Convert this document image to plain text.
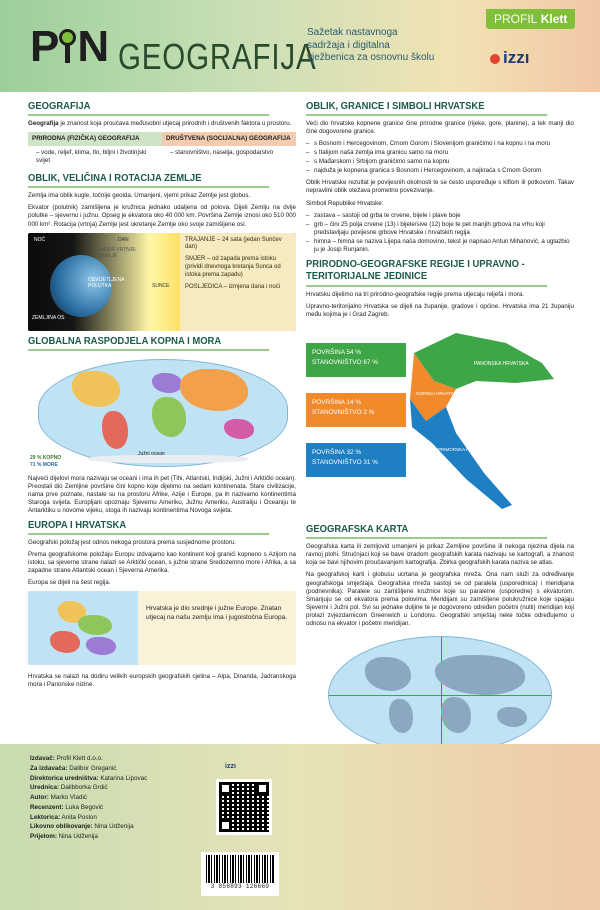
P N GEOGRAFIJA
Sažetak nastavnoga sadržaja i digitalna vježbenica za osnovnu školu
PROFIL Klett
izzı
GEOGRAFIJA

Geografija je znanost koja proučava međusobni utjecaj prirodnih i društvenih faktora u prostoru.

PRIRODNA (FIZIČKA) GEOGRAFIJA
– vode, reljef, klima, tlo, biljni i životinjski svijet
DRUŠTVENA (SOCIJALNA) GEOGRAFIJA
– stanovništvo, naselja, gospodarstvo
OBLIK, VELIČINA I ROTACIJA ZEMLJE

Zemlja ima oblik kugle, točnije geoida. Umanjeni, vjerni prikaz Zemlje jest globus.

Ekvator (polutnik) zamišljena je kružnica jednako udaljena od polova. Dijeli Zemlju na dvije polutke – sjevernu i južnu. Opseg je ekvatora oko 40 000 km. Površina Zemlje iznosi oko 510 000 000 km². Rotacija (vrtnja) Zemlje jest okretanje Zemlje oko svoje zamišljene osi.

NOĆ	DAN
OSVIJETLJENA POLUTKA	SUNCE
ZEMLJINA OS
SMJER VRTNJE ZEMLJE
TRAJANJE – 24 sata (jedan Sunčev dan)
SMJER – od zapada prema istoku (prividi dnevnoga kretanja Sunca od istoka prema zapadu)
POSLJEDICA – izmjena dana i noći
GLOBALNA RASPODJELA KOPNA I MORA
Južni ocean
29 % KOPNO
71 % MORE

Najveći dijelovi mora nazivaju se oceani i ima ih pet (Tihi, Atlantski, Indijski, Južni i Arktički ocean). Preostali dio Zemljine površine čini kopno koje dijelimo na sedam kontinenata. Stare civilizacije, nama prve poznate, nastale su na prostoru Afrike, Azije i Europe, pa ih nazivamo kontinentima Staroga svijeta. Europljani upoznaju Sjevernu Ameriku, Južnu Ameriku, Australiju i Oceaniju te Antarktiku u novome vijeku, stoga ih nazivaju kontinentima Novoga svijeta.

EUROPA I HRVATSKA

Geografski položaj jest odnos nekoga prostora prema susjednome prostoru.

Prema geografskome položaju Europu izdvajamo kao kontinent koji granići kopneno s Azijom na istoku, sa sjeverne strane nalazi se Arktički ocean, s južne strane Sredozemno more i Afrika, a sa zapadne strane Atlantski ocean i Sjeverna Amerika.

Europa se dijeli na šest regija.

Hrvatska je dio srednje i južne Europe. Znatan utjecaj na našu zemlju ima i jugoistočna Europa.

Hrvatska se nalazi na dodiru velikih europskih geografskih cjelina – Alpa, Dinarida, Jadranskoga mora i Panonske nizine.

OBLIK, GRANICE I SIMBOLI HRVATSKE

Veći dio hrvatske kopnene granice čine prirodne granice (rijeke, gore, planine), a tek manji dio čine dogovorene granice.

– s Bosnom i Hercegovinom, Crnom Gorom i Slovenijom graničimo i na kopnu i na moru
– s Italijom naša zemlja ima granicu samo na moru
– s Mađarskom i Srbijom graničimo samo na kopnu
– najduža je kopnena granica s Bosnom i Hercegovinom, a najkraća s Crnom Gorom

Oblik Hrvatske rezultat je povijesnih okolnosti te se često uspoređuje s kiflom ili potkovom. Takav nepravilni oblik otežava prometno povezivanje.

Simboli Republike Hrvatske:

– zastava – sastoji od grba te crvene, bijele i plave boje
– grb – čini 25 polja crvene (13) i bijele/sive (12) boje te pet manjih grbova na vrhu koji predstavljaju povijesne grbove Hrvatske i hrvatskih regija
– himna – himna se naziva Lijepa naša domovino, tekst je napisao Antun Mihanović, a uglazbio ju je Josip Runjanin.
PRIRODNO-GEOGRAFSKE REGIJE I UPRAVNO -TERITORIJALNE JEDINICE

Hrvatsku dijelimo na tri prirodno-geografske regije prema utjecaju reljefa i mora.

Upravno-teritorijalno Hrvatska se dijeli na županije, gradove i općine. Hrvatska ima 21 županiju među kojima je i Grad Zagreb.

PANONSKA HRVATSKA
GORSKA HRVATSKA
PRIMORSKA HRVATSKA
POVRŠINA 54 %
STANOVNIŠTVO 67 %
POVRŠINA 14 %
STANOVNIŠTVO 2 %
POVRŠINA 32 %
STANOVNIŠTVO 31 %
GEOGRAFSKA KARTA

Geografska karta ili zemljovid umanjeni je prikaz Zemljine površine ili nekoga njezina dijela na ravnoj plohi. Stručnjaci koji se bave izradom geografskih karata nazivaju se kartografi, a znanost koja se bavi njihovim proučavanjem kartografija. Zbirka geografskih karata naziva se atlas.

Na geografskoj karti i globusu ucrtana je geografska mreža. Ona nam služi za određivanje geografskoga smještaja. Geografska mreža sastoji se od paralela (usporednica) i meridijana (podnevnika). Paralele su zamišljene kružnice koje su paralelne (usporedne) s ekvatorom. Smanjuju se od ekvatora prema polovima. Meridijani su zamišljene polukružnice koje spajaju Sjeverni i Južni pol. Svi su jednake duljine te je dogovoreno određen početni (nulti) meridijan koji prolazi zvjezdarnicom Greenwich u Londonu. Geografski smještaj neke točke određujemo u odnosu na ekvator i početni meridijan.

Izdavač: Profil Klett d.o.o.
Za izdavača: Dalibor Greganić
Direktorica uredništva: Katarina Lipovac
Urednica: Dalibborka Grdić
Autor: Marko Vladić
Recenzent: Luka Begović
Lektorica: Anita Poslon
Likovno oblikovanje: Nina Udženija
Prijelom: Nina Udženija
izzı
3 858893 126669
